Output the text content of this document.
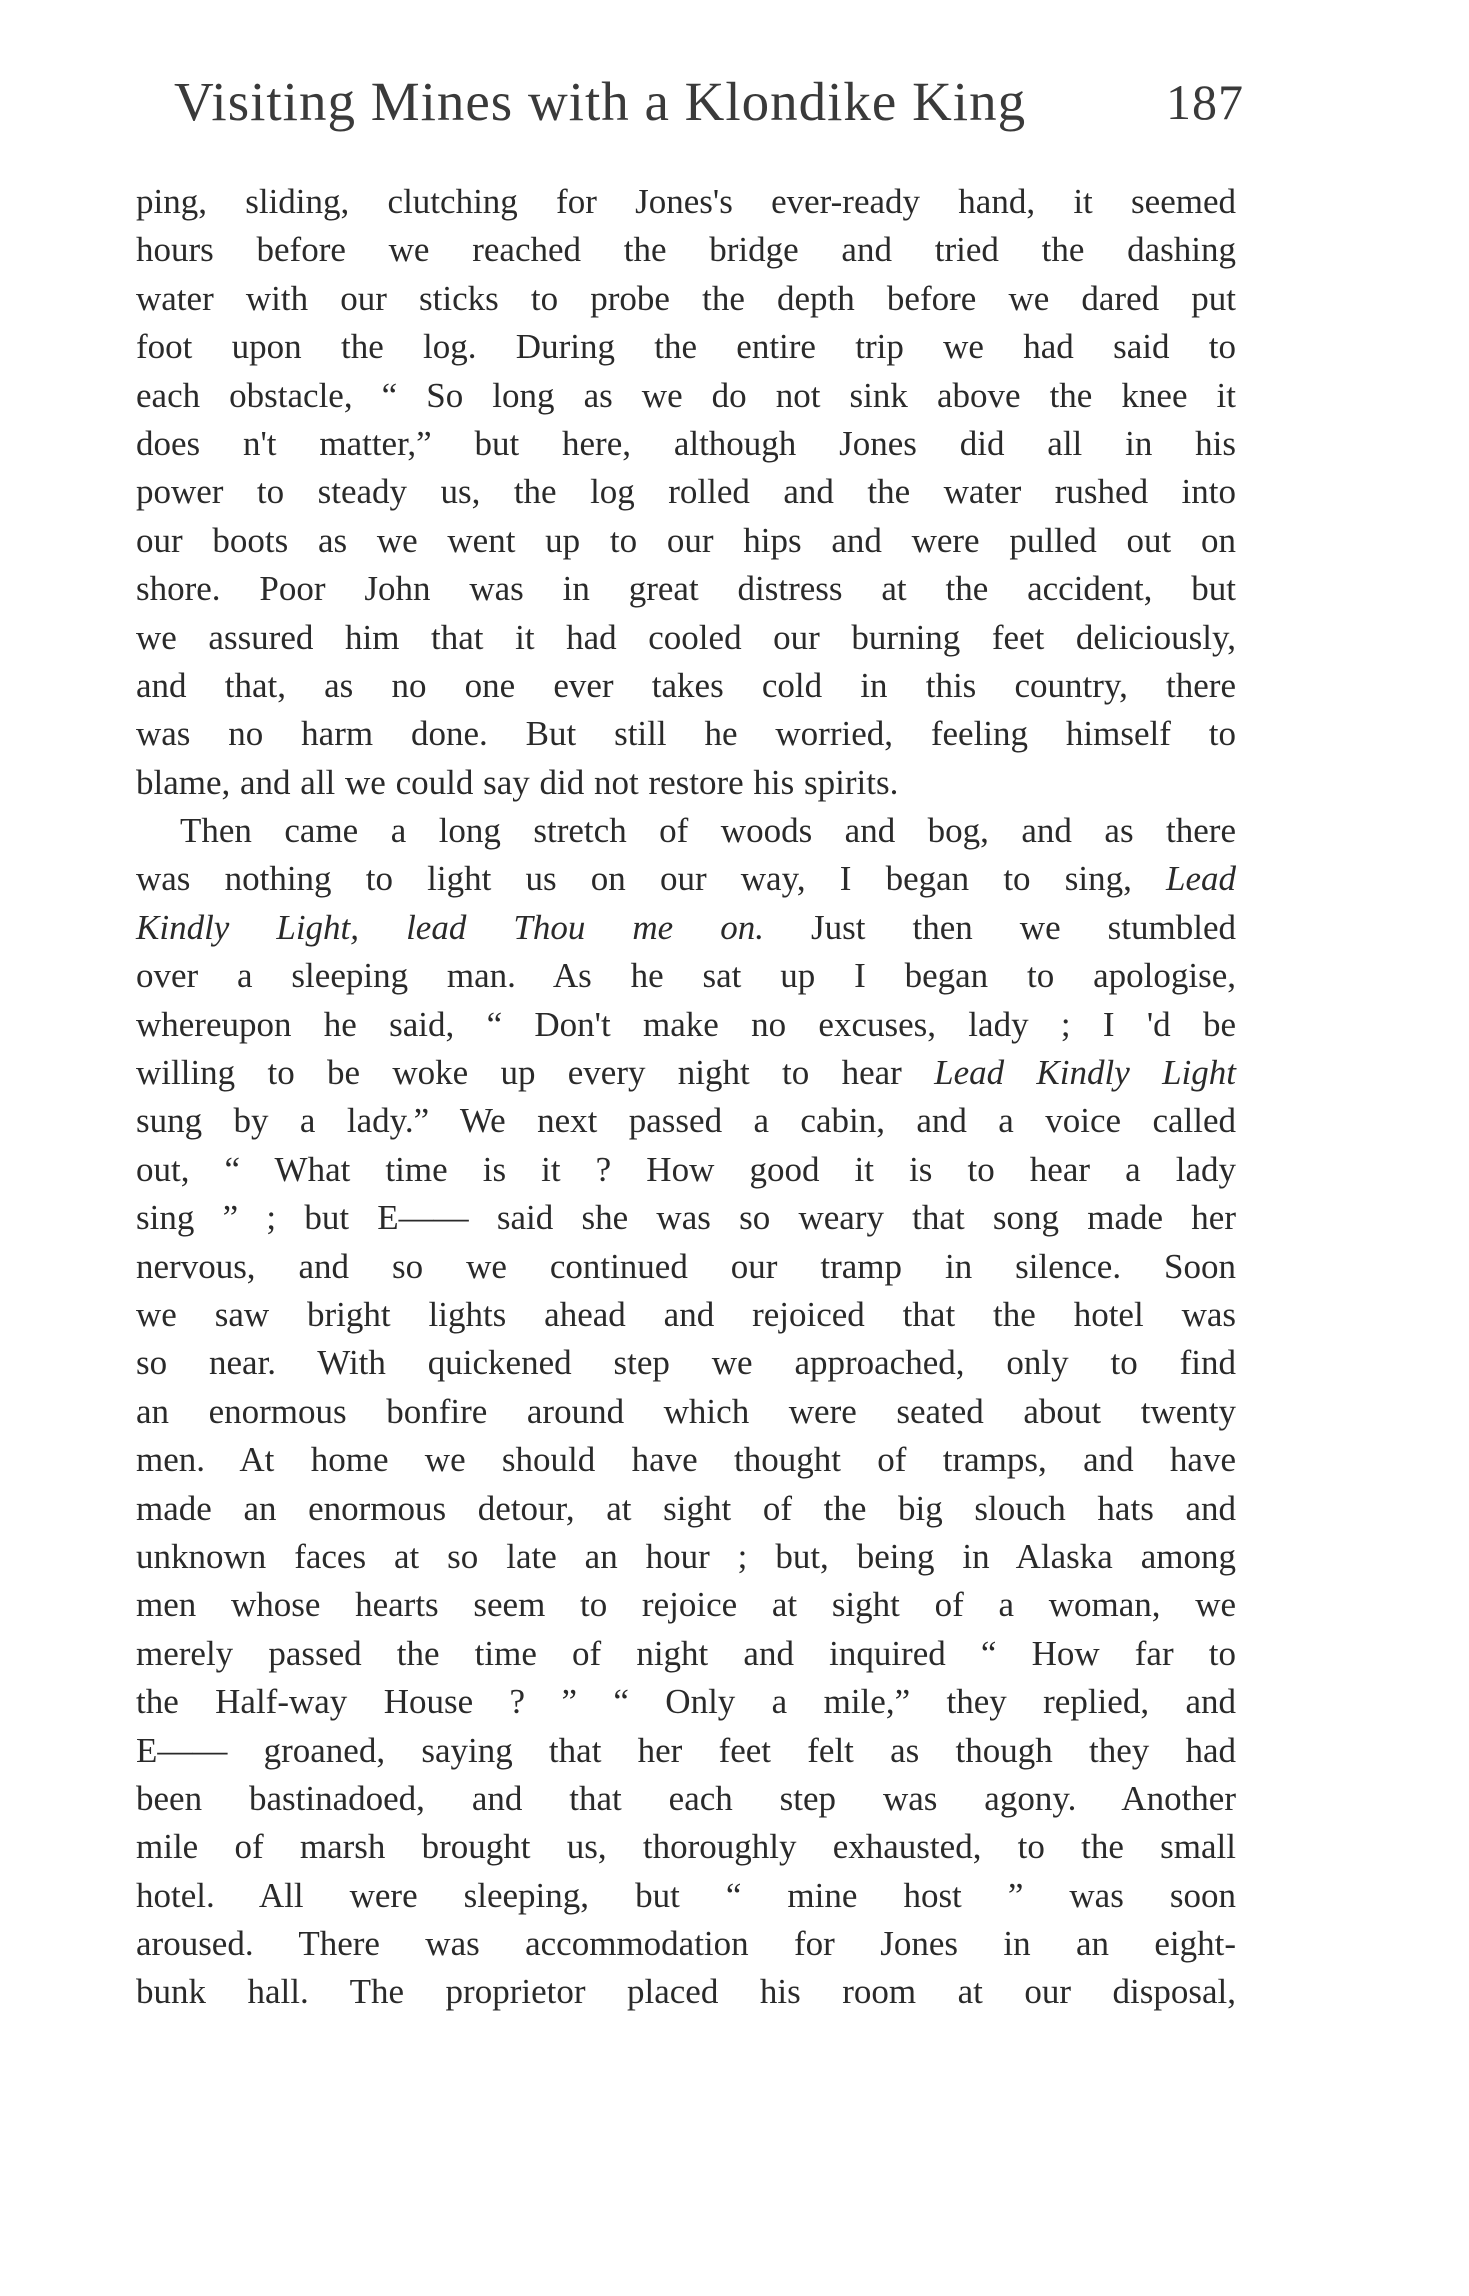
Visiting Mines with a Klondike King	187
ping, sliding, clutching for Jones's ever-ready hand, it seemed
hours before we reached the bridge and tried the dashing
water with our sticks to probe the depth before we dared put
foot upon the log. During the entire trip we had said to
each obstacle, “ So long as we do not sink above the knee it
does n't matter,” but here, although Jones did all in his
power to steady us, the log rolled and the water rushed into
our boots as we went up to our hips and were pulled out on
shore. Poor John was in great distress at the accident, but
we assured him that it had cooled our burning feet deliciously,
and that, as no one ever takes cold in this country, there
was no harm done. But still he worried, feeling himself to
blame, and all we could say did not restore his spirits.
Then came a long stretch of woods and bog, and as there
was nothing to light us on our way, I began to sing, Lead
Kindly Light, lead Thou me on. Just then we stumbled
over a sleeping man. As he sat up I began to apologise,
whereupon he said, “ Don't make no excuses, lady ; I 'd be
willing to be woke up every night to hear Lead Kindly Light
sung by a lady.” We next passed a cabin, and a voice called
out, “ What time is it ? How good it is to hear a lady
sing ” ; but E—— said she was so weary that song made her
nervous, and so we continued our tramp in silence. Soon
we saw bright lights ahead and rejoiced that the hotel was
so near. With quickened step we approached, only to find
an enormous bonfire around which were seated about twenty
men. At home we should have thought of tramps, and have
made an enormous detour, at sight of the big slouch hats and
unknown faces at so late an hour ; but, being in Alaska among
men whose hearts seem to rejoice at sight of a woman, we
merely passed the time of night and inquired “ How far to
the Half-way House ? ” “ Only a mile,” they replied, and
E—— groaned, saying that her feet felt as though they had
been bastinadoed, and that each step was agony. Another
mile of marsh brought us, thoroughly exhausted, to the small
hotel. All were sleeping, but “ mine host ” was soon
aroused. There was accommodation for Jones in an eight-
bunk hall. The proprietor placed his room at our disposal,
